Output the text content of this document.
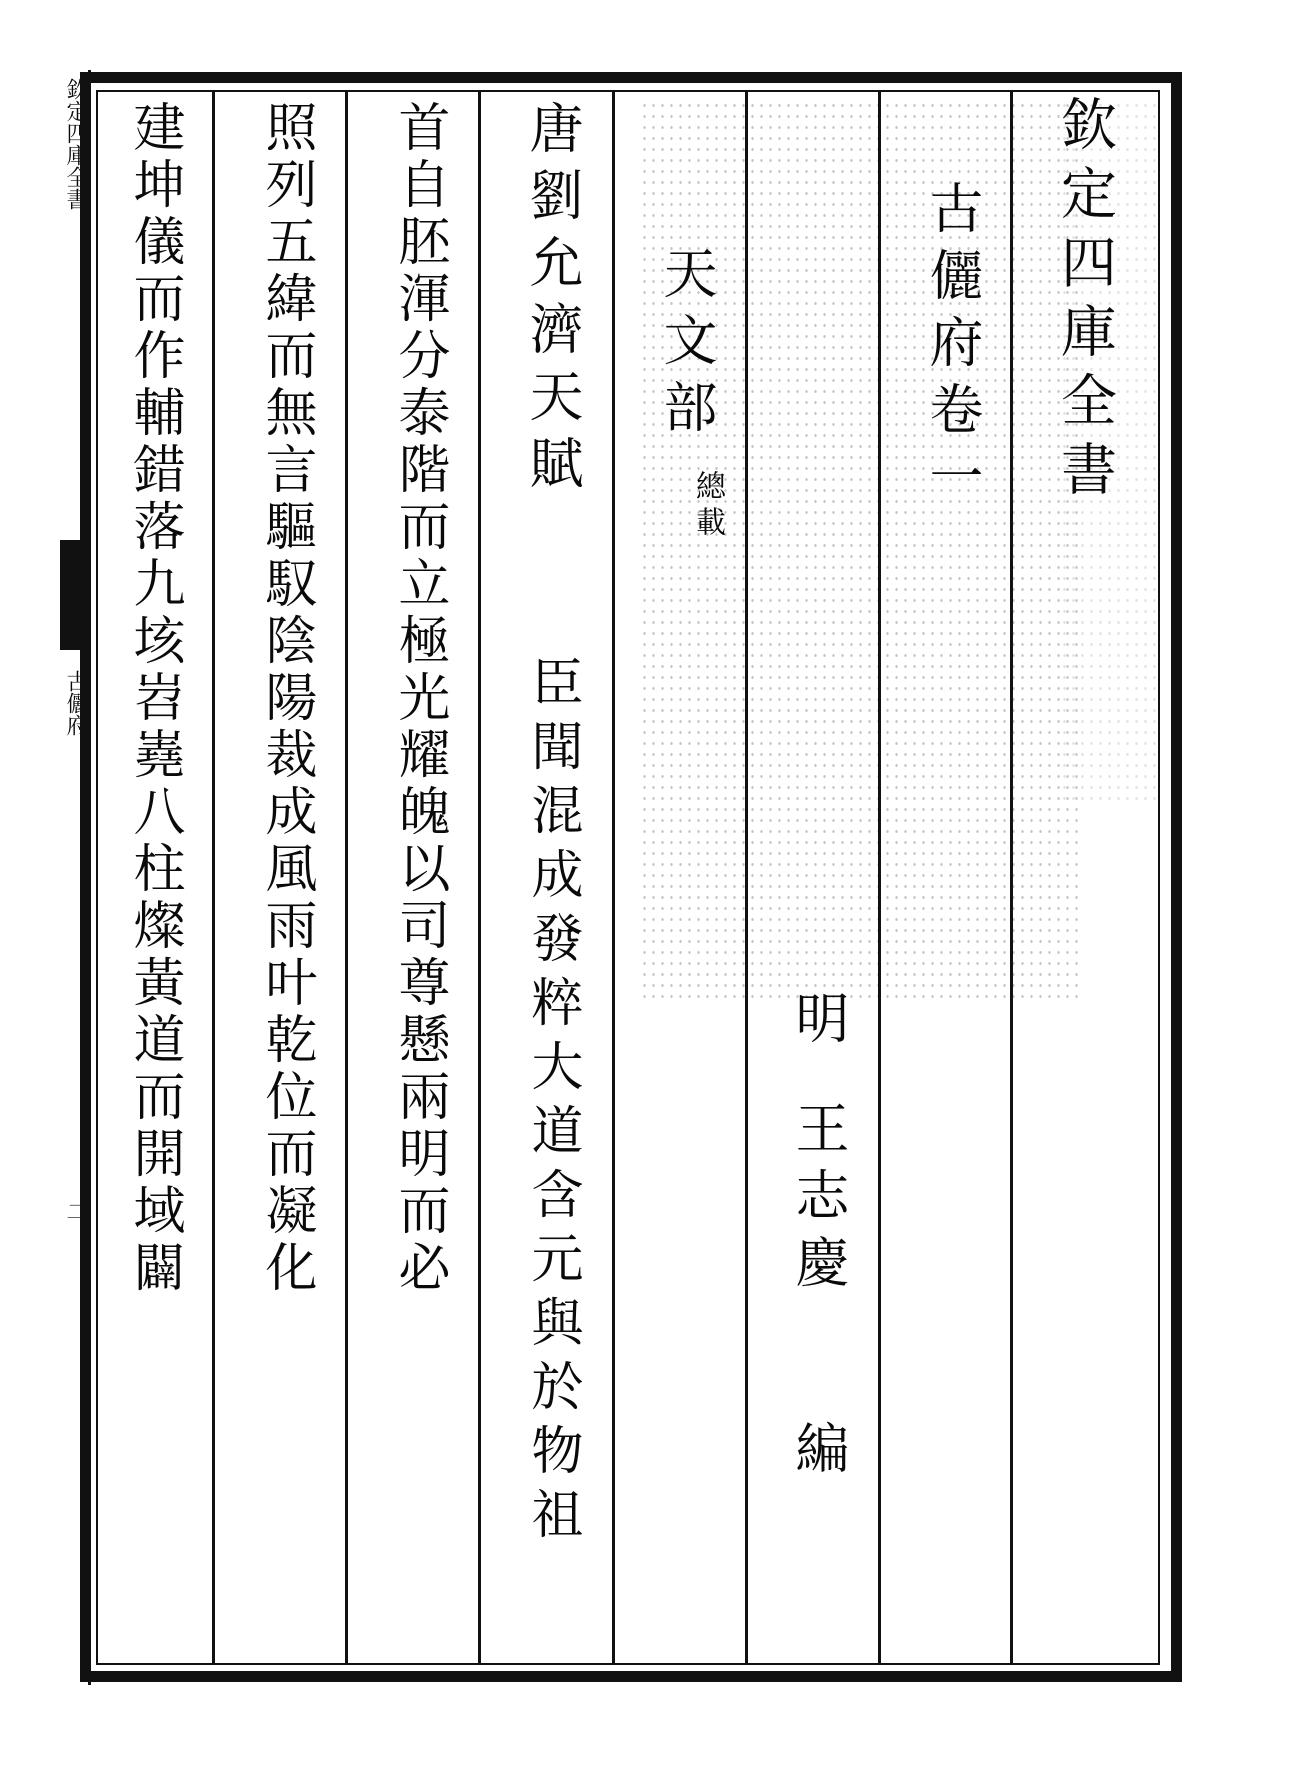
欽定四庫全書
古儷府
二
欽定四庫全書
古儷府卷一
明
王志慶
編
天文部
總載
唐劉允濟天賦
臣聞混成發粹大道含元與於物祖
首自胚渾分泰階而立極光耀魄以司尊懸兩明而必
照列五緯而無言驅馭陰陽裁成風雨叶乾位而凝化
建坤儀而作輔錯落九垓岧嶤八柱燦黃道而開域闢
